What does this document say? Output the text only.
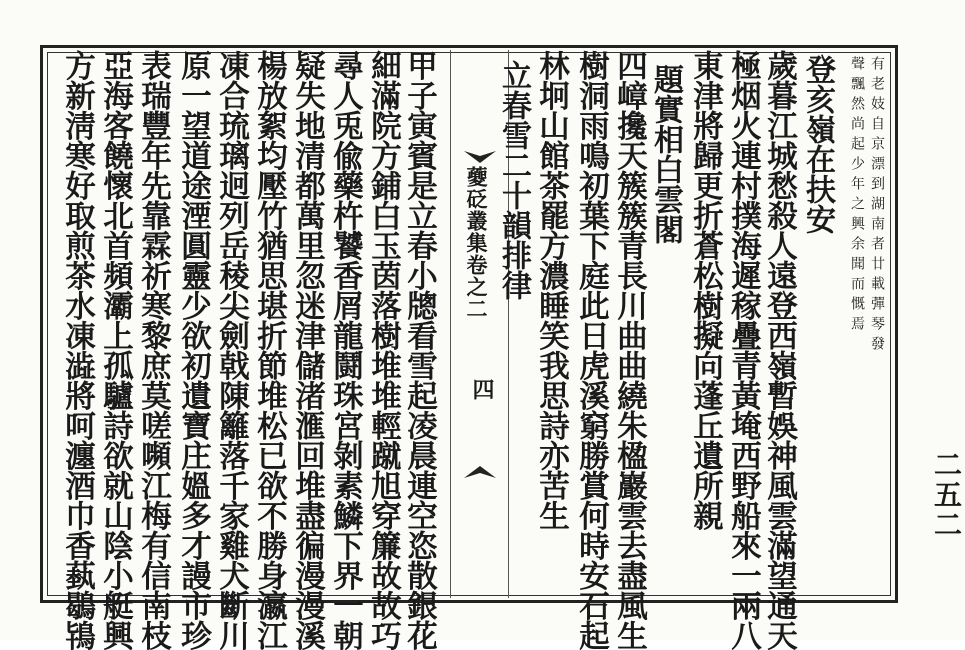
䕫砭叢集卷之二
四
二五二
有老妓自京漂到湖南者廿載彈琴發
聲飄然尚起少年之興余聞而慨焉
登亥嶺在扶安
歲暮江城愁殺人遠登西嶺暫娛神風雲滿望通天
極烟火連村撲海遲稼疊青黃埯西野船來一兩八
東津將歸更折蒼松樹擬向蓬丘遺所親
題實相白雲閣
四嶂攙天簇簇青長川曲曲繞朱楹巖雲去盡風生
樹洞雨鳴初葉下庭此日虎溪窮勝賞何時安石起
林坰山館茶罷方濃睡笑我思詩亦苦生
立春雪二十韻排律
甲子寅賓是立春小牕看雪起凌晨連空恣散銀花
細滿院方鋪白玉茵落樹堆堆輕蹴旭穿簾故故巧
尋人兎偸藥杵饕香屑龍鬪珠宮剝素鱗下界一朝
疑失地清都萬里忽迷津儲渚滙回堆盡徧漫漫溪
楊放絮均壓竹猶思堪折節堆松已欲不勝身瀛江
凍合琉璃迥列岳稜尖劍戟陳籬落千家雞犬斷川
原一望道途湮圓靈少欲初遺寶庄媼多才謾市珍
表瑞豐年先靠霖祈寒黎庶莫嗟嚬江梅有信南枝
亞海客饒懷北首頻灞上孤驢詩欲就山陰小艇興
方新淸寒好取煎茶水凍澁將呵瀍酒巾香蓺鶡鴇
